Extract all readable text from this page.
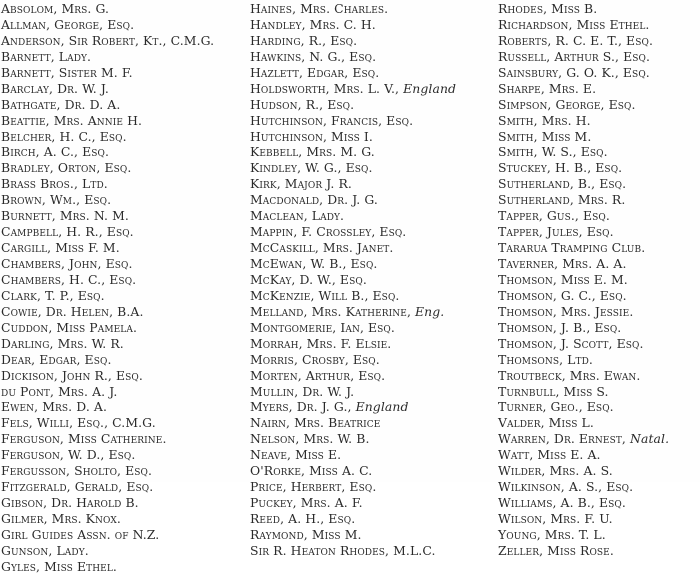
Absolom, Mrs. G.
Allman, George, Esq.
Anderson, Sir Robert, Kt., C.M.G.
Barnett, Lady.
Barnett, Sister M. F.
Barclay, Dr. W. J.
Bathgate, Dr. D. A.
Beattie, Mrs. Annie H.
Belcher, H. C., Esq.
Birch, A. C., Esq.
Bradley, Orton, Esq.
Brass Bros., Ltd.
Brown, Wm., Esq.
Burnett, Mrs. N. M.
Campbell, H. R., Esq.
Cargill, Miss F. M.
Chambers, John, Esq.
Chambers, H. C., Esq.
Clark, T. P., Esq.
Cowie, Dr. Helen, B.A.
Cuddon, Miss Pamela.
Darling, Mrs. W. R.
Dear, Edgar, Esq.
Dickison, John R., Esq.
du Pont, Mrs. A. J.
Ewen, Mrs. D. A.
Fels, Willi, Esq., C.M.G.
Ferguson, Miss Catherine.
Ferguson, W. D., Esq.
Fergusson, Sholto, Esq.
Fitzgerald, Gerald, Esq.
Gibson, Dr. Harold B.
Gilmer, Mrs. Knox.
Girl Guides Assn. of N.Z.
Gunson, Lady.
Gyles, Miss Ethel.
Haines, Mrs. Charles.
Handley, Mrs. C. H.
Harding, R., Esq.
Hawkins, N. G., Esq.
Hazlett, Edgar, Esq.
Holdsworth, Mrs. L. V., England
Hudson, R., Esq.
Hutchinson, Francis, Esq.
Hutchinson, Miss I.
Kebbell, Mrs. M. G.
Kindley, W. G., Esq.
Kirk, Major J. R.
Macdonald, Dr. J. G.
Maclean, Lady.
Mappin, F. Crossley, Esq.
McCaskill, Mrs. Janet.
McEwan, W. B., Esq.
McKay, D. W., Esq.
McKenzie, Will B., Esq.
Melland, Mrs. Katherine, Eng.
Montgomerie, Ian, Esq.
Morrah, Mrs. F. Elsie.
Morris, Crosby, Esq.
Morten, Arthur, Esq.
Mullin, Dr. W. J.
Myers, Dr. J. G., England
Nairn, Mrs. Beatrice
Nelson, Mrs. W. B.
Neave, Miss E.
O'Rorke, Miss A. C.
Price, Herbert, Esq.
Puckey, Mrs. A. F.
Reed, A. H., Esq.
Raymond, Miss M.
Sir R. Heaton Rhodes, M.L.C.
Rhodes, Miss B.
Richardson, Miss Ethel.
Roberts, R. C. E. T., Esq.
Russell, Arthur S., Esq.
Sainsbury, G. O. K., Esq.
Sharpe, Mrs. E.
Simpson, George, Esq.
Smith, Mrs. H.
Smith, Miss M.
Smith, W. S., Esq.
Stuckey, H. B., Esq.
Sutherland, B., Esq.
Sutherland, Mrs. R.
Tapper, Gus., Esq.
Tapper, Jules, Esq.
Tararua Tramping Club.
Taverner, Mrs. A. A.
Thomson, Miss E. M.
Thomson, G. C., Esq.
Thomson, Mrs. Jessie.
Thomson, J. B., Esq.
Thomson, J. Scott, Esq.
Thomsons, Ltd.
Troutbeck, Mrs. Ewan.
Turnbull, Miss S.
Turner, Geo., Esq.
Valder, Miss L.
Warren, Dr. Ernest, Natal.
Watt, Miss E. A.
Wilder, Mrs. A. S.
Wilkinson, A. S., Esq.
Williams, A. B., Esq.
Wilson, Mrs. F. U.
Young, Mrs. T. L.
Zeller, Miss Rose.
